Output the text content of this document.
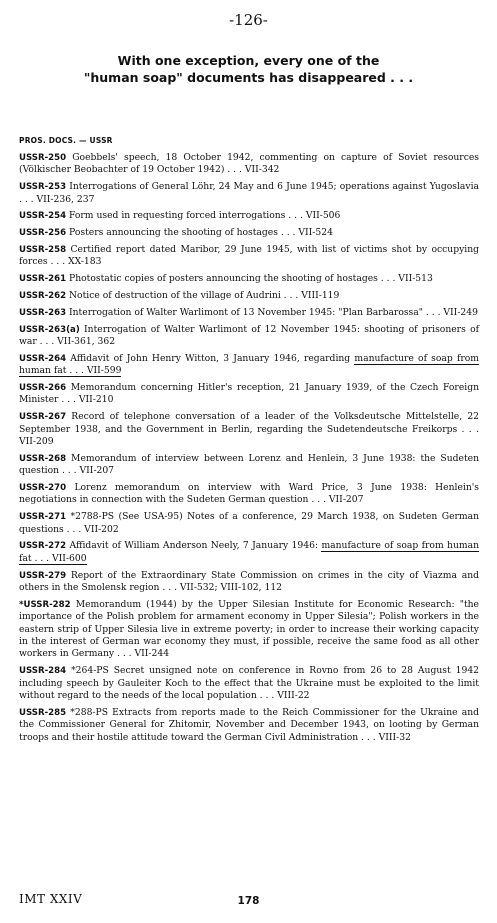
-126-
With one exception, every one of the
"human soap" documents has disappeared . . .
PROS. DOCS. — USSR
USSR-250 Goebbels' speech, 18 October 1942, commenting on capture of Soviet resources (Völkischer Beobachter of 19 October 1942) . . . VII-342
USSR-253 Interrogations of General Löhr, 24 May and 6 June 1945; operations against Yugoslavia . . . VII-236, 237
USSR-254 Form used in requesting forced interrogations . . . VII-506
USSR-256 Posters announcing the shooting of hostages . . . VII-524
USSR-258 Certified report dated Maribor, 29 June 1945, with list of victims shot by occupying forces . . . XX-183
USSR-261 Photostatic copies of posters announcing the shooting of hostages . . . VII-513
USSR-262 Notice of destruction of the village of Audrini . . . VIII-119
USSR-263 Interrogation of Walter Warlimont of 13 November 1945: "Plan Barbarossa" . . . VII-249
USSR-263(a) Interrogation of Walter Warlimont of 12 November 1945: shooting of prisoners of war . . . VII-361, 362
USSR-264 Affidavit of John Henry Witton, 3 January 1946, regarding manufacture of soap from human fat . . . VII-599
USSR-266 Memorandum concerning Hitler's reception, 21 January 1939, of the Czech Foreign Minister . . . VII-210
USSR-267 Record of telephone conversation of a leader of the Volksdeutsche Mittelstelle, 22 September 1938, and the Government in Berlin, regarding the Sudetendeutsche Freikorps . . . VII-209
USSR-268 Memorandum of interview between Lorenz and Henlein, 3 June 1938: the Sudeten question . . . VII-207
USSR-270 Lorenz memorandum on interview with Ward Price, 3 June 1938: Henlein's negotiations in connection with the Sudeten German question . . . VII-207
USSR-271 *2788-PS (See USA-95) Notes of a conference, 29 March 1938, on Sudeten German questions . . . VII-202
USSR-272 Affidavit of William Anderson Neely, 7 January 1946: manufacture of soap from human fat . . . VII-600
USSR-279 Report of the Extraordinary State Commission on crimes in the city of Viazma and others in the Smolensk region . . . VII-532; VIII-102, 112
*USSR-282 Memorandum (1944) by the Upper Silesian Institute for Economic Research: "the importance of the Polish problem for armament economy in Upper Silesia"; Polish workers in the eastern strip of Upper Silesia live in extreme poverty; in order to increase their working capacity in the interest of German war economy they must, if possible, receive the same food as all other workers in Germany . . . VII-244
USSR-284 *264-PS Secret unsigned note on conference in Rovno from 26 to 28 August 1942 including speech by Gauleiter Koch to the effect that the Ukraine must be exploited to the limit without regard to the needs of the local population . . . VIII-22
USSR-285 *288-PS Extracts from reports made to the Reich Commissioner for the Ukraine and the Commissioner General for Zhitomir, November and December 1943, on looting by German troops and their hostile attitude toward the German Civil Administration . . . VIII-32
IMT XXIV	178
